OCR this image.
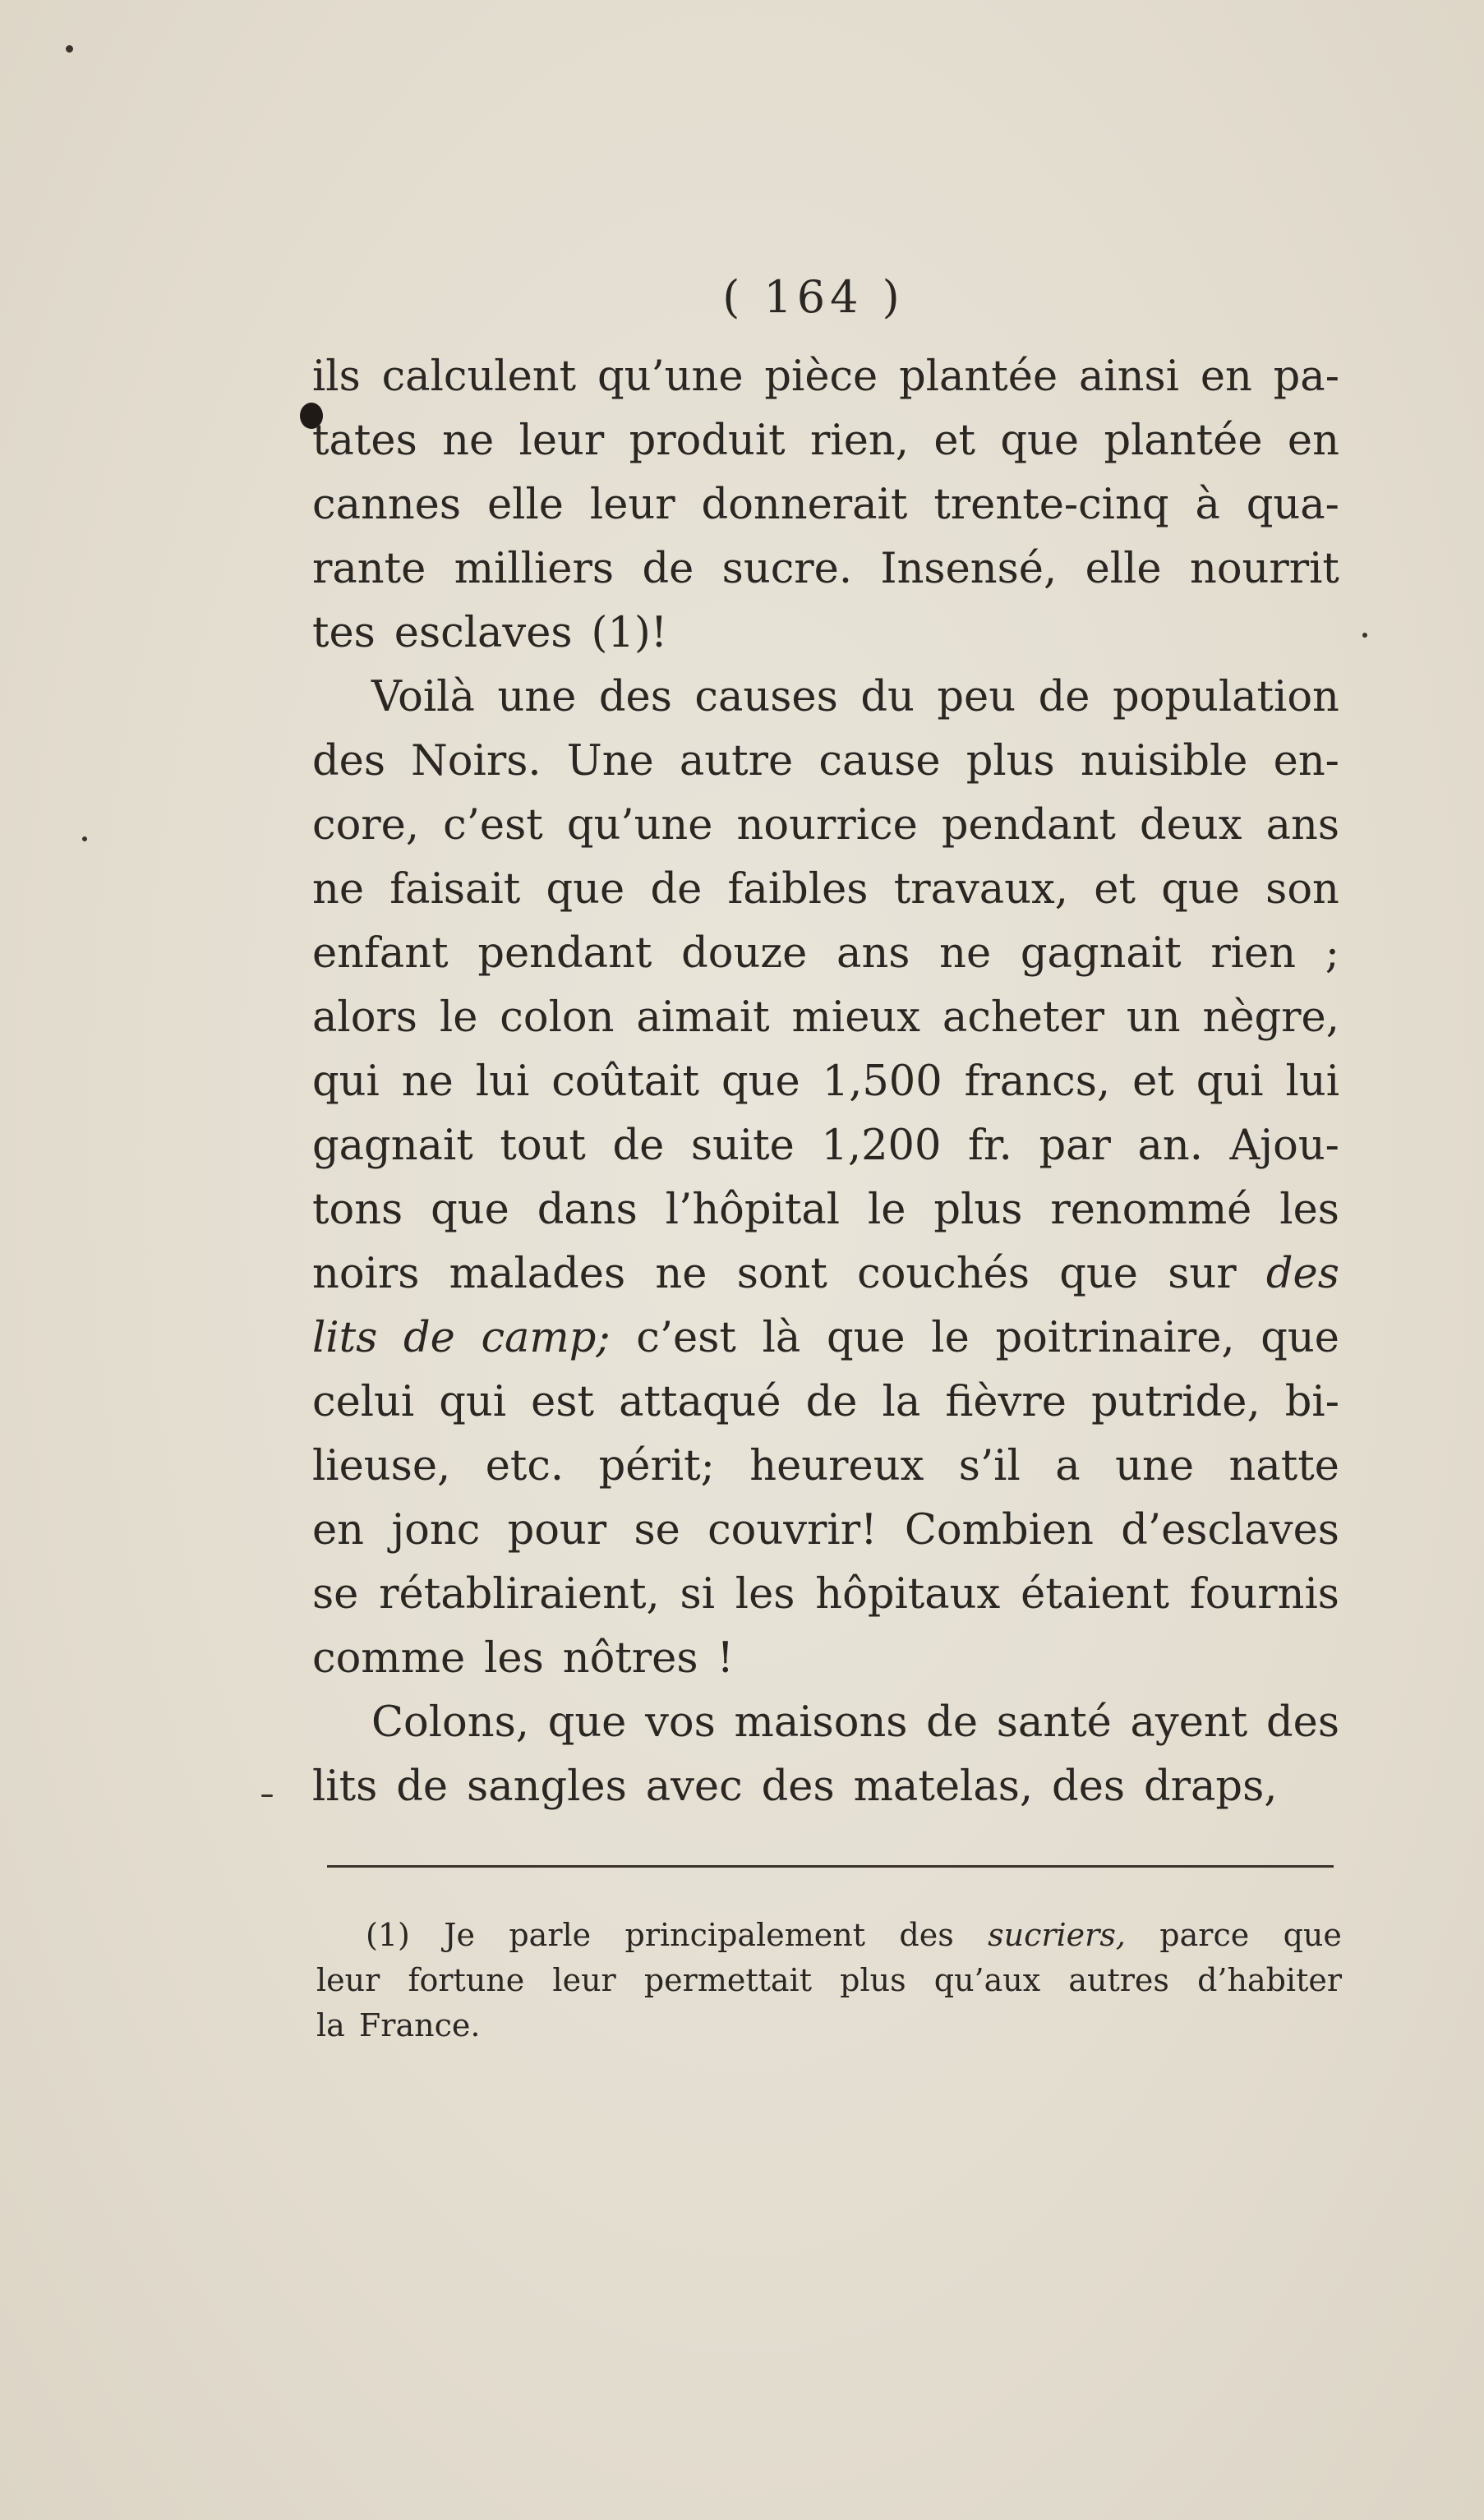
( 164 )
ils calculent qu’une pièce plantée ainsi en pa-
tates ne leur produit rien, et que plantée en
cannes elle leur donnerait trente-cinq à qua-
rante milliers de sucre. Insensé, elle nourrit
tes esclaves (1)!
Voilà une des causes du peu de population
des Noirs. Une autre cause plus nuisible en-
core, c’est qu’une nourrice pendant deux ans
ne faisait que de faibles travaux, et que son
enfant pendant douze ans ne gagnait rien ;
alors le colon aimait mieux acheter un nègre,
qui ne lui coûtait que 1,500 francs, et qui lui
gagnait tout de suite 1,200 fr. par an. Ajou-
tons que dans l’hôpital le plus renommé les
noirs malades ne sont couchés que sur des
lits de camp; c’est là que le poitrinaire, que
celui qui est attaqué de la fièvre putride, bi-
lieuse, etc. périt; heureux s’il a une natte
en jonc pour se couvrir! Combien d’esclaves
se rétabliraient, si les hôpitaux étaient fournis
comme les nôtres !
Colons, que vos maisons de santé ayent des
lits de sangles avec des matelas, des draps,
(1) Je parle principalement des sucriers, parce que
leur fortune leur permettait plus qu’aux autres d’habiter
la France.
